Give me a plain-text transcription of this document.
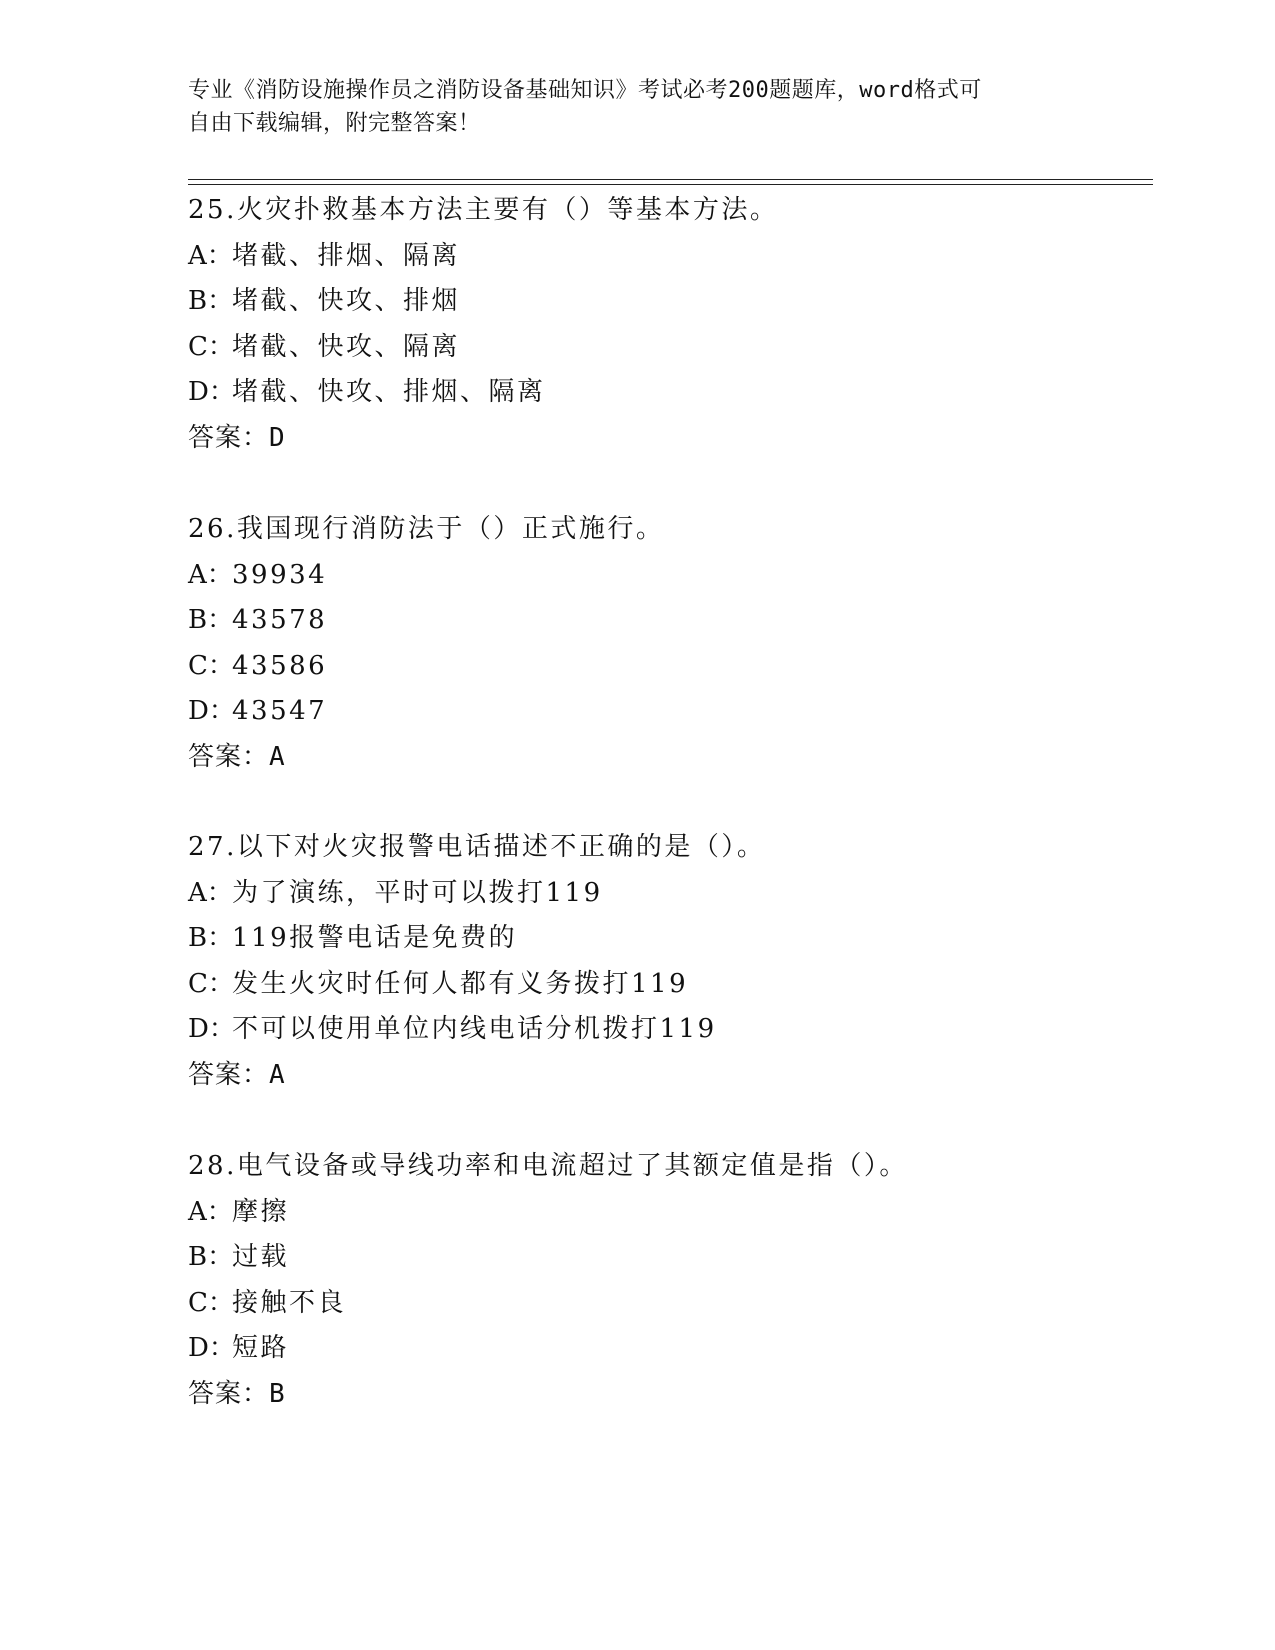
专业《消防设施操作员之消防设备基础知识》考试必考200题题库，word格式可
自由下载编辑，附完整答案！
25.火灾扑救基本方法主要有（）等基本方法。
A：堵截、排烟、隔离
B：堵截、快攻、排烟
C：堵截、快攻、隔离
D：堵截、快攻、排烟、隔离
答案：D
26.我国现行消防法于（）正式施行。
A：39934
B：43578
C：43586
D：43547
答案：A
27.以下对火灾报警电话描述不正确的是（）。
A：为了演练，平时可以拨打119
B：119报警电话是免费的
C：发生火灾时任何人都有义务拨打119
D：不可以使用单位内线电话分机拨打119
答案：A
28.电气设备或导线功率和电流超过了其额定值是指（）。
A：摩擦
B：过载
C：接触不良
D：短路
答案：B
